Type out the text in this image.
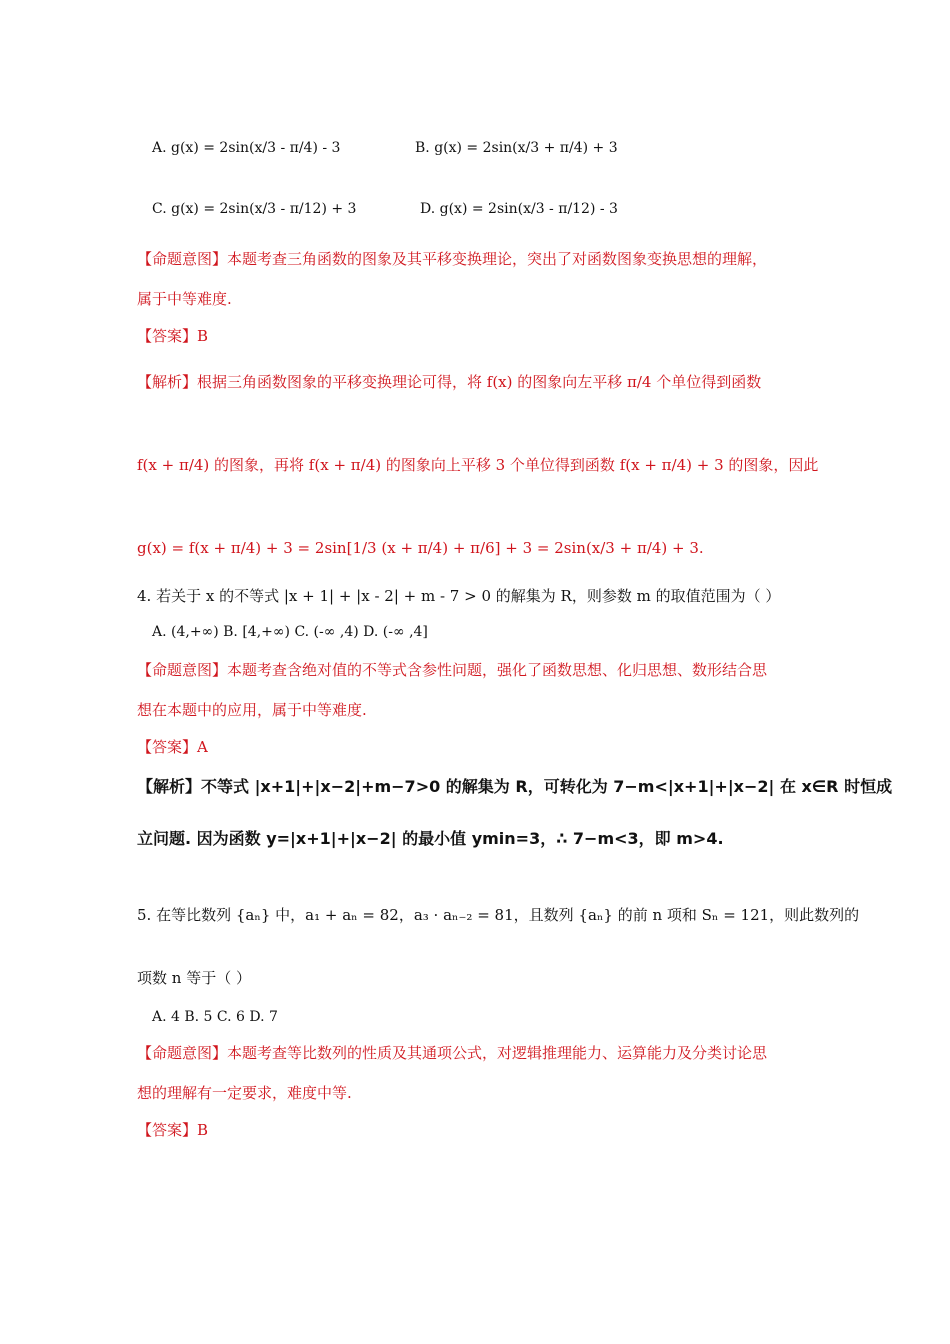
A. g(x) = 2sin(x/3 - π/4) - 3	B. g(x) = 2sin(x/3 + π/4) + 3
C. g(x) = 2sin(x/3 - π/12) + 3	D. g(x) = 2sin(x/3 - π/12) - 3
【命题意图】本题考查三角函数的图象及其平移变换理论，突出了对函数图象变换思想的理解，
属于中等难度.
【答案】B
【解析】根据三角函数图象的平移变换理论可得，将 f(x) 的图象向左平移 π/4 个单位得到函数
f(x + π/4) 的图象，再将 f(x + π/4) 的图象向上平移 3 个单位得到函数 f(x + π/4) + 3 的图象，因此
g(x) = f(x + π/4) + 3 = 2sin[1/3 (x + π/4) + π/6] + 3 = 2sin(x/3 + π/4) + 3.
4. 若关于 x 的不等式 |x + 1| + |x - 2| + m - 7 > 0 的解集为 R，则参数 m 的取值范围为（ ）
A. (4,+∞) B. [4,+∞) C. (-∞ ,4) D. (-∞ ,4]
【命题意图】本题考查含绝对值的不等式含参性问题，强化了函数思想、化归思想、数形结合思
想在本题中的应用，属于中等难度.
【答案】A
【解析】不等式 |x+1|+|x−2|+m−7>0 的解集为 R，可转化为 7−m<|x+1|+|x−2| 在 x∈R 时恒成
立问题. 因为函数 y=|x+1|+|x−2| 的最小值 ymin=3，∴ 7−m<3，即 m>4.
5. 在等比数列 {aₙ} 中，a₁ + aₙ = 82，a₃ · aₙ₋₂ = 81，且数列 {aₙ} 的前 n 项和 Sₙ = 121，则此数列的
项数 n 等于（ ）
A. 4 B. 5 C. 6 D. 7
【命题意图】本题考查等比数列的性质及其通项公式，对逻辑推理能力、运算能力及分类讨论思
想的理解有一定要求，难度中等.
【答案】B
